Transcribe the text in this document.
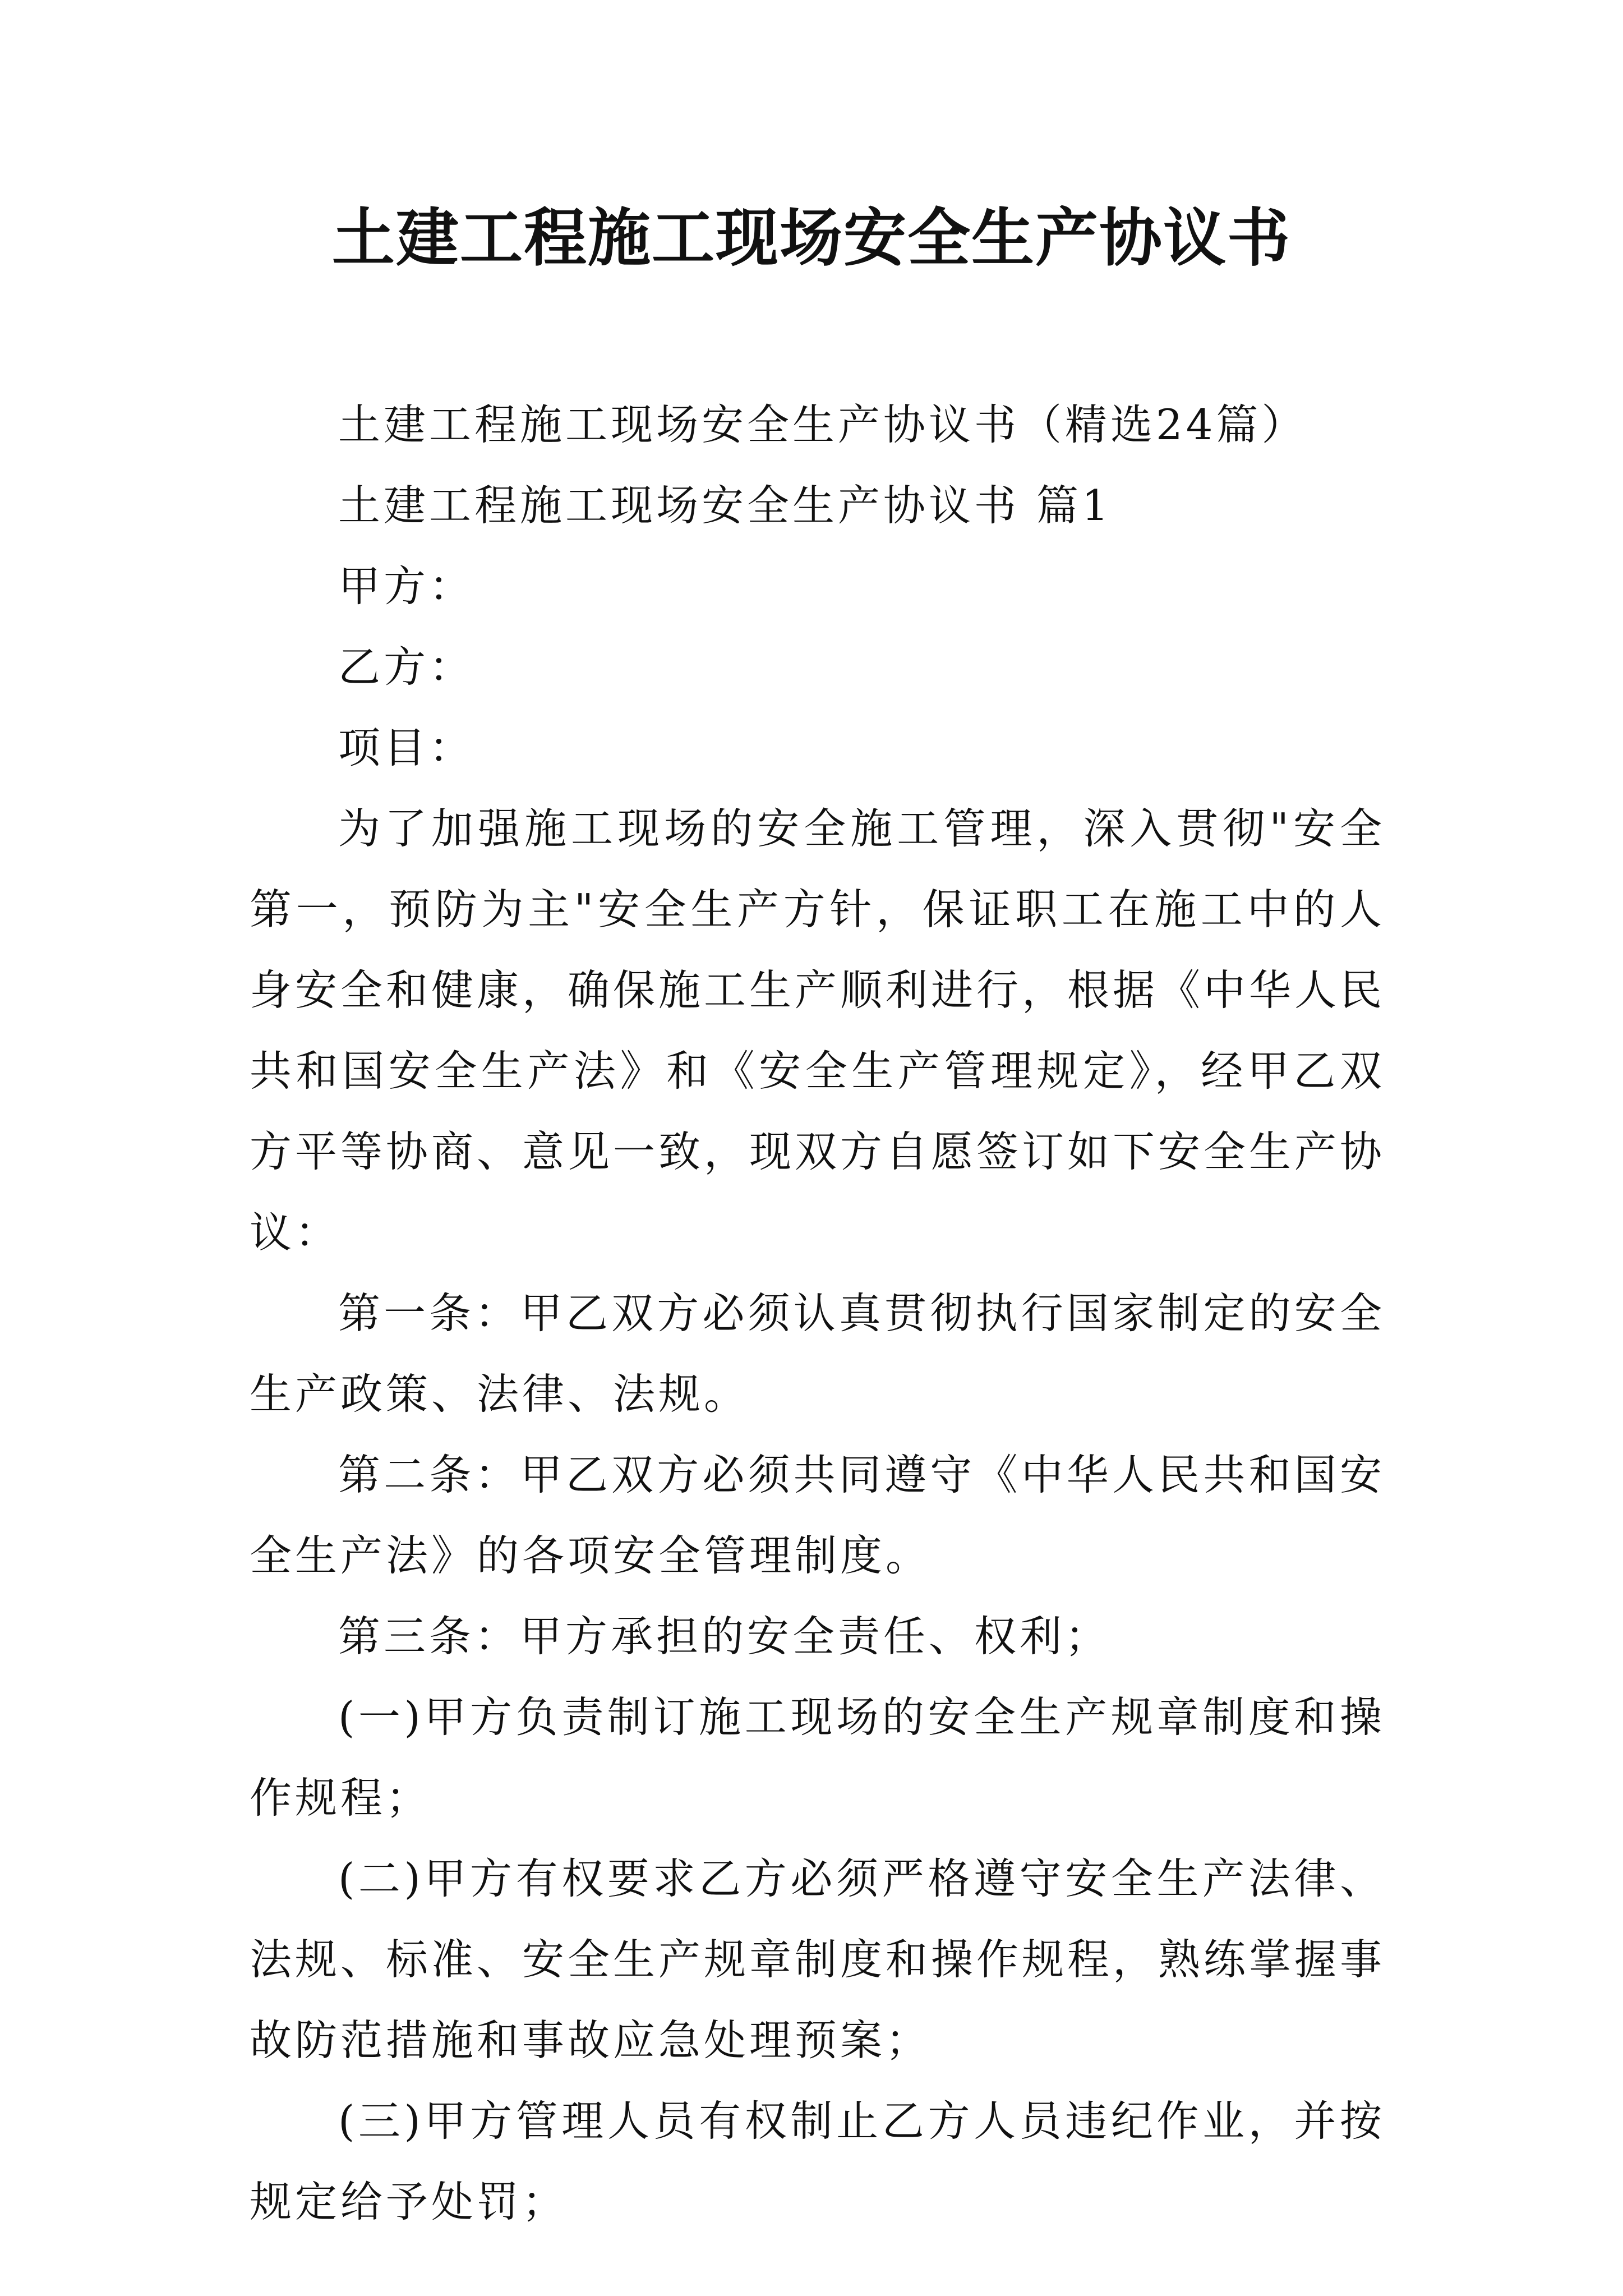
土建工程施工现场安全生产协议书

土建工程施工现场安全生产协议书（精选24篇）

土建工程施工现场安全生产协议书 篇1

甲方：

乙方：

项目：

为了加强施工现场的安全施工管理，深入贯彻"安全第一，预防为主"安全生产方针，保证职工在施工中的人身安全和健康，确保施工生产顺利进行，根据《中华人民共和国安全生产法》和《安全生产管理规定》，经甲乙双方平等协商、意见一致，现双方自愿签订如下安全生产协议：

第一条：甲乙双方必须认真贯彻执行国家制定的安全生产政策、法律、法规。

第二条：甲乙双方必须共同遵守《中华人民共和国安全生产法》的各项安全管理制度。

第三条：甲方承担的安全责任、权利；

(一)甲方负责制订施工现场的安全生产规章制度和操作规程；

(二)甲方有权要求乙方必须严格遵守安全生产法律、法规、标准、安全生产规章制度和操作规程，熟练掌握事故防范措施和事故应急处理预案；

(三)甲方管理人员有权制止乙方人员违纪作业，并按规定给予处罚；
